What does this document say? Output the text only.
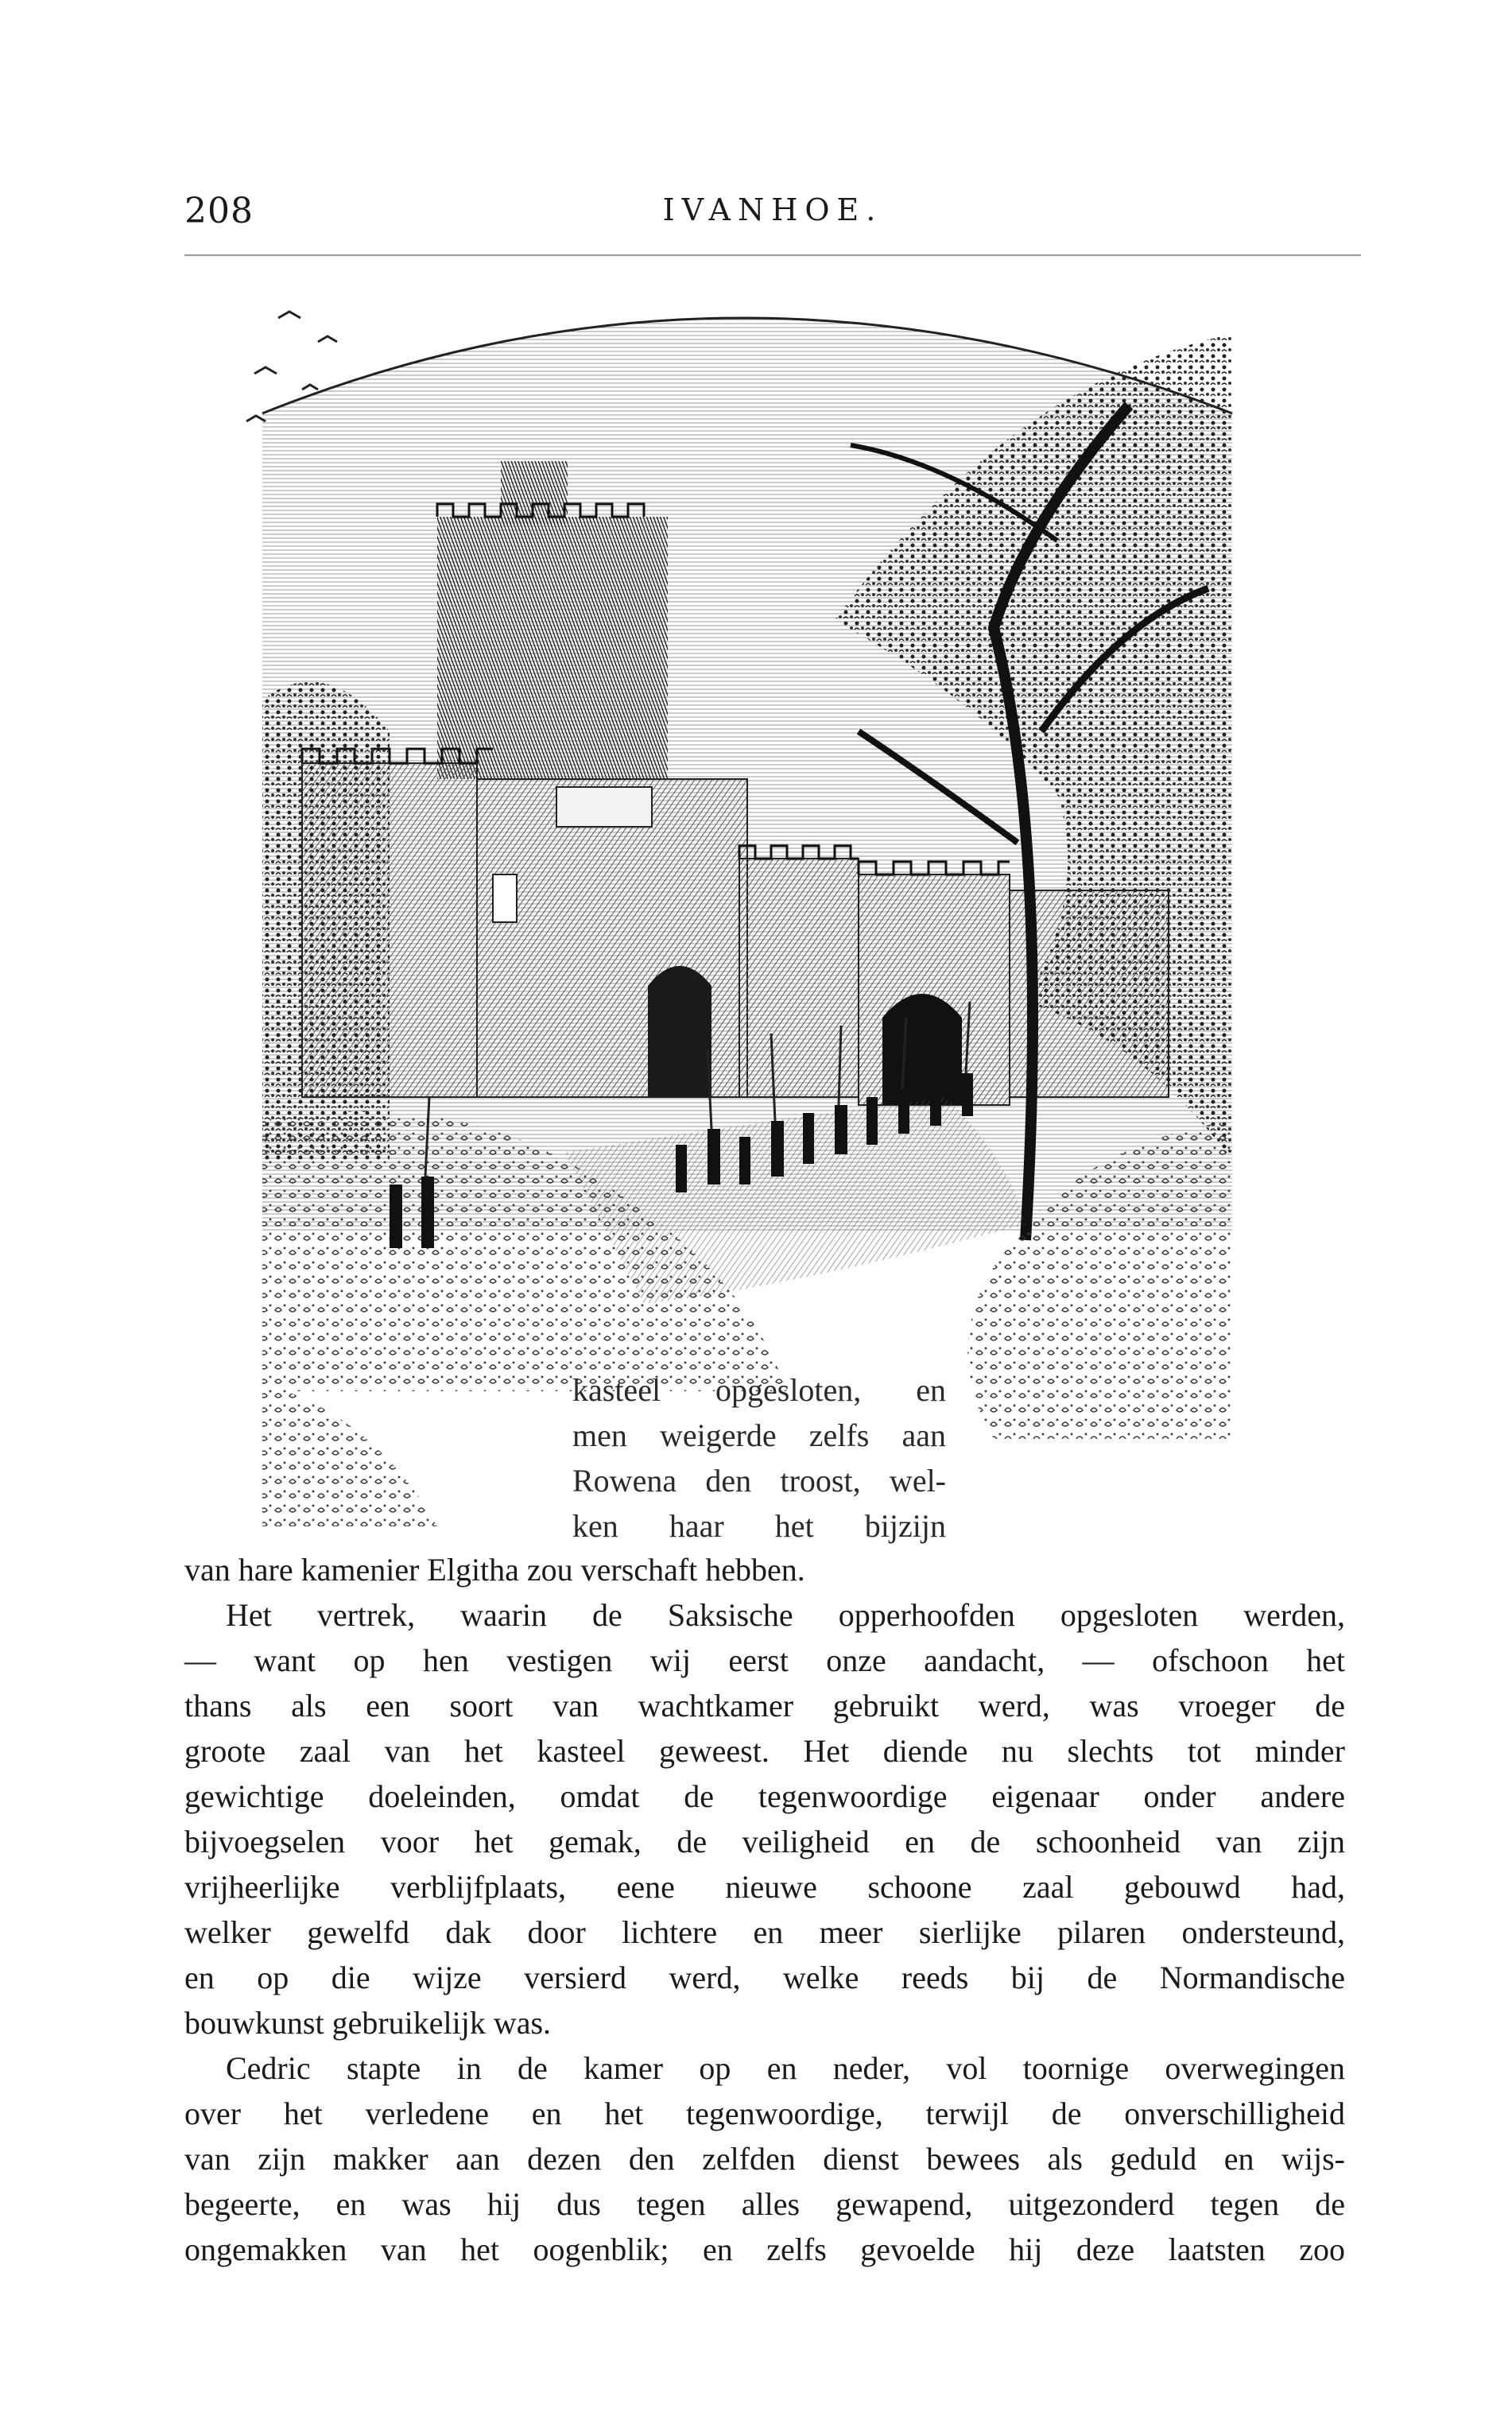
208	IVANHOE.
kasteel opgesloten, en
men weigerde zelfs aan
Rowena den troost, wel-
ken haar het bijzijn
van hare kamenier Elgitha zou verschaft hebben.
Het vertrek, waarin de Saksische opperhoofden opgesloten werden,
— want op hen vestigen wij eerst onze aandacht, — ofschoon het
thans als een soort van wachtkamer gebruikt werd, was vroeger de
groote zaal van het kasteel geweest. Het diende nu slechts tot minder
gewichtige doeleinden, omdat de tegenwoordige eigenaar onder andere
bijvoegselen voor het gemak, de veiligheid en de schoonheid van zijn
vrijheerlijke verblijfplaats, eene nieuwe schoone zaal gebouwd had,
welker gewelfd dak door lichtere en meer sierlijke pilaren ondersteund,
en op die wijze versierd werd, welke reeds bij de Normandische
bouwkunst gebruikelijk was.
Cedric stapte in de kamer op en neder, vol toornige overwegingen
over het verledene en het tegenwoordige, terwijl de onverschilligheid
van zijn makker aan dezen den zelfden dienst bewees als geduld en wijs-
begeerte, en was hij dus tegen alles gewapend, uitgezonderd tegen de
ongemakken van het oogenblik; en zelfs gevoelde hij deze laatsten zoo
